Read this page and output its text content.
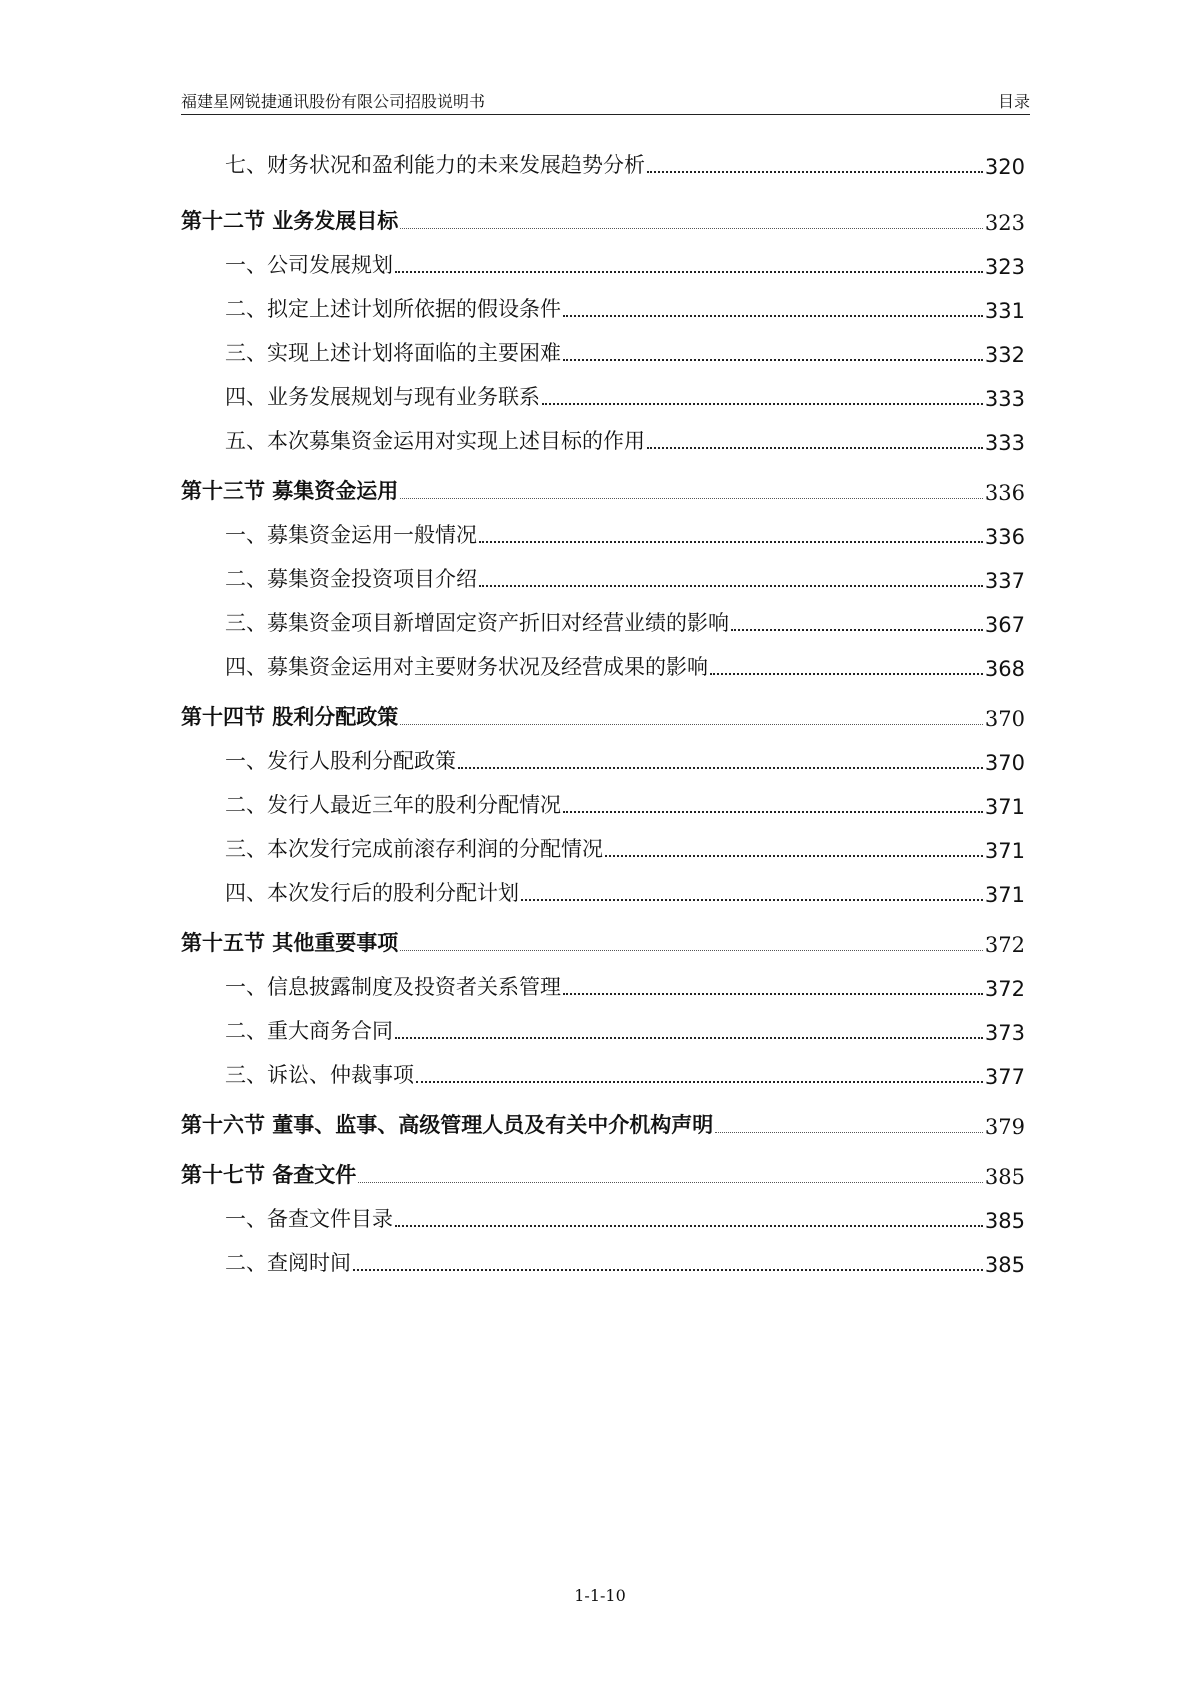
福建星网锐捷通讯股份有限公司招股说明书	目录
七、财务状况和盈利能力的未来发展趋势分析	320
第十二节 业务发展目标	323
一、公司发展规划	323
二、拟定上述计划所依据的假设条件	331
三、实现上述计划将面临的主要困难	332
四、业务发展规划与现有业务联系	333
五、本次募集资金运用对实现上述目标的作用	333
第十三节 募集资金运用	336
一、募集资金运用一般情况	336
二、募集资金投资项目介绍	337
三、募集资金项目新增固定资产折旧对经营业绩的影响	367
四、募集资金运用对主要财务状况及经营成果的影响	368
第十四节 股利分配政策	370
一、发行人股利分配政策	370
二、发行人最近三年的股利分配情况	371
三、本次发行完成前滚存利润的分配情况	371
四、本次发行后的股利分配计划	371
第十五节 其他重要事项	372
一、信息披露制度及投资者关系管理	372
二、重大商务合同	373
三、诉讼、仲裁事项	377
第十六节 董事、监事、高级管理人员及有关中介机构声明	379
第十七节 备查文件	385
一、备查文件目录	385
二、查阅时间	385
1-1-10
